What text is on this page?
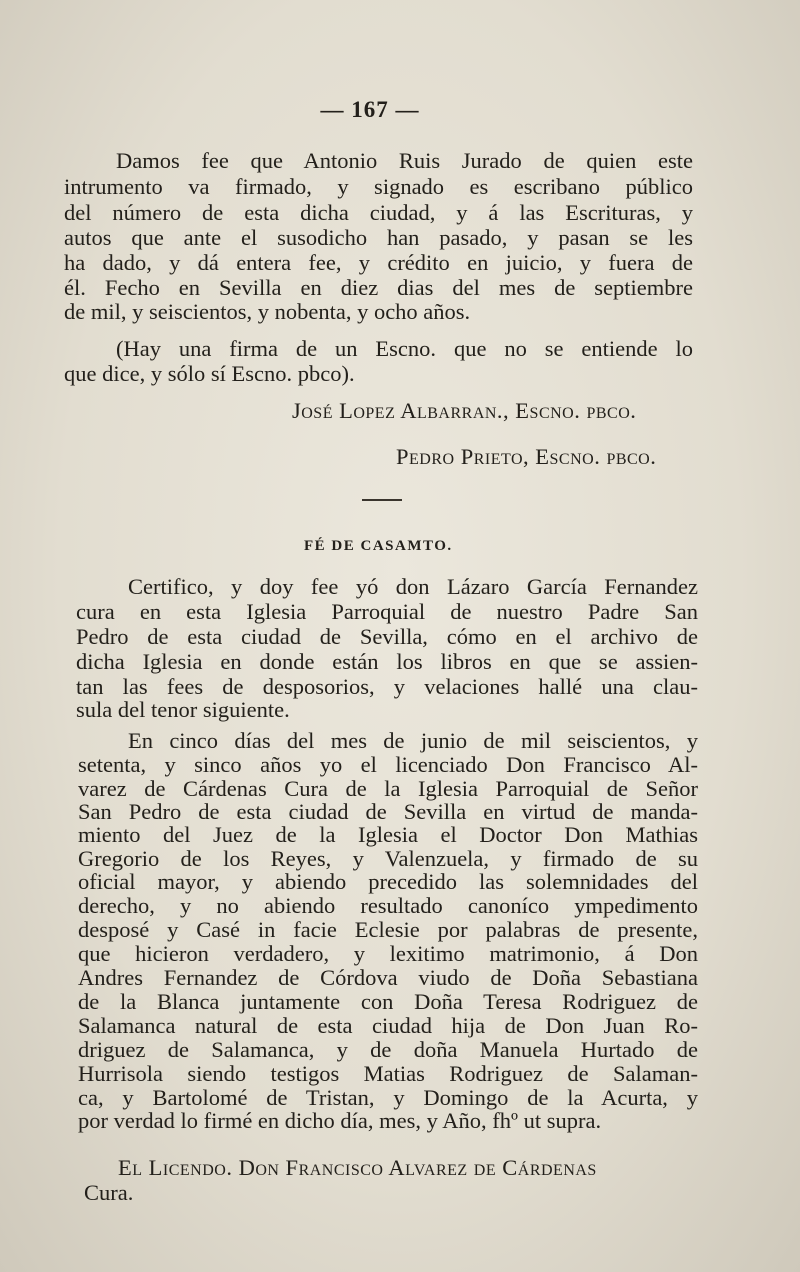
— 167 —
Damos fee que Antonio Ruis Jurado de quien este
intrumento va firmado, y signado es escribano público
del número de esta dicha ciudad, y á las Escrituras, y
autos que ante el susodicho han pasado, y pasan se les
ha dado, y dá entera fee, y crédito en juicio, y fuera de
él. Fecho en Sevilla en diez dias del mes de septiembre
de mil, y seiscientos, y nobenta, y ocho años.
(Hay una firma de un Escno. que no se entiende lo
que dice, y sólo sí Escno. pbco).
José Lopez Albarran., Escno. pbco.
Pedro Prieto, Escno. pbco.
FÉ DE CASAMTO.
Certifico, y doy fee yó don Lázaro García Fernandez
cura en esta Iglesia Parroquial de nuestro Padre San
Pedro de esta ciudad de Sevilla, cómo en el archivo de
dicha Iglesia en donde están los libros en que se assien-
tan las fees de desposorios, y velaciones hallé una clau-
sula del tenor siguiente.
En cinco días del mes de junio de mil seiscientos, y
setenta, y sinco años yo el licenciado Don Francisco Al-
varez de Cárdenas Cura de la Iglesia Parroquial de Señor
San Pedro de esta ciudad de Sevilla en virtud de manda-
miento del Juez de la Iglesia el Doctor Don Mathias
Gregorio de los Reyes, y Valenzuela, y firmado de su
oficial mayor, y abiendo precedido las solemnidades del
derecho, y no abiendo resultado canoníco ympedimento
desposé y Casé in facie Eclesie por palabras de presente,
que hicieron verdadero, y lexitimo matrimonio, á Don
Andres Fernandez de Córdova viudo de Doña Sebastiana
de la Blanca juntamente con Doña Teresa Rodriguez de
Salamanca natural de esta ciudad hija de Don Juan Ro-
driguez de Salamanca, y de doña Manuela Hurtado de
Hurrisola siendo testigos Matias Rodriguez de Salaman-
ca, y Bartolomé de Tristan, y Domingo de la Acurta, y
por verdad lo firmé en dicho día, mes, y Año, fhº ut supra.
El Licendo. Don Francisco Alvarez de Cárdenas
Cura.
